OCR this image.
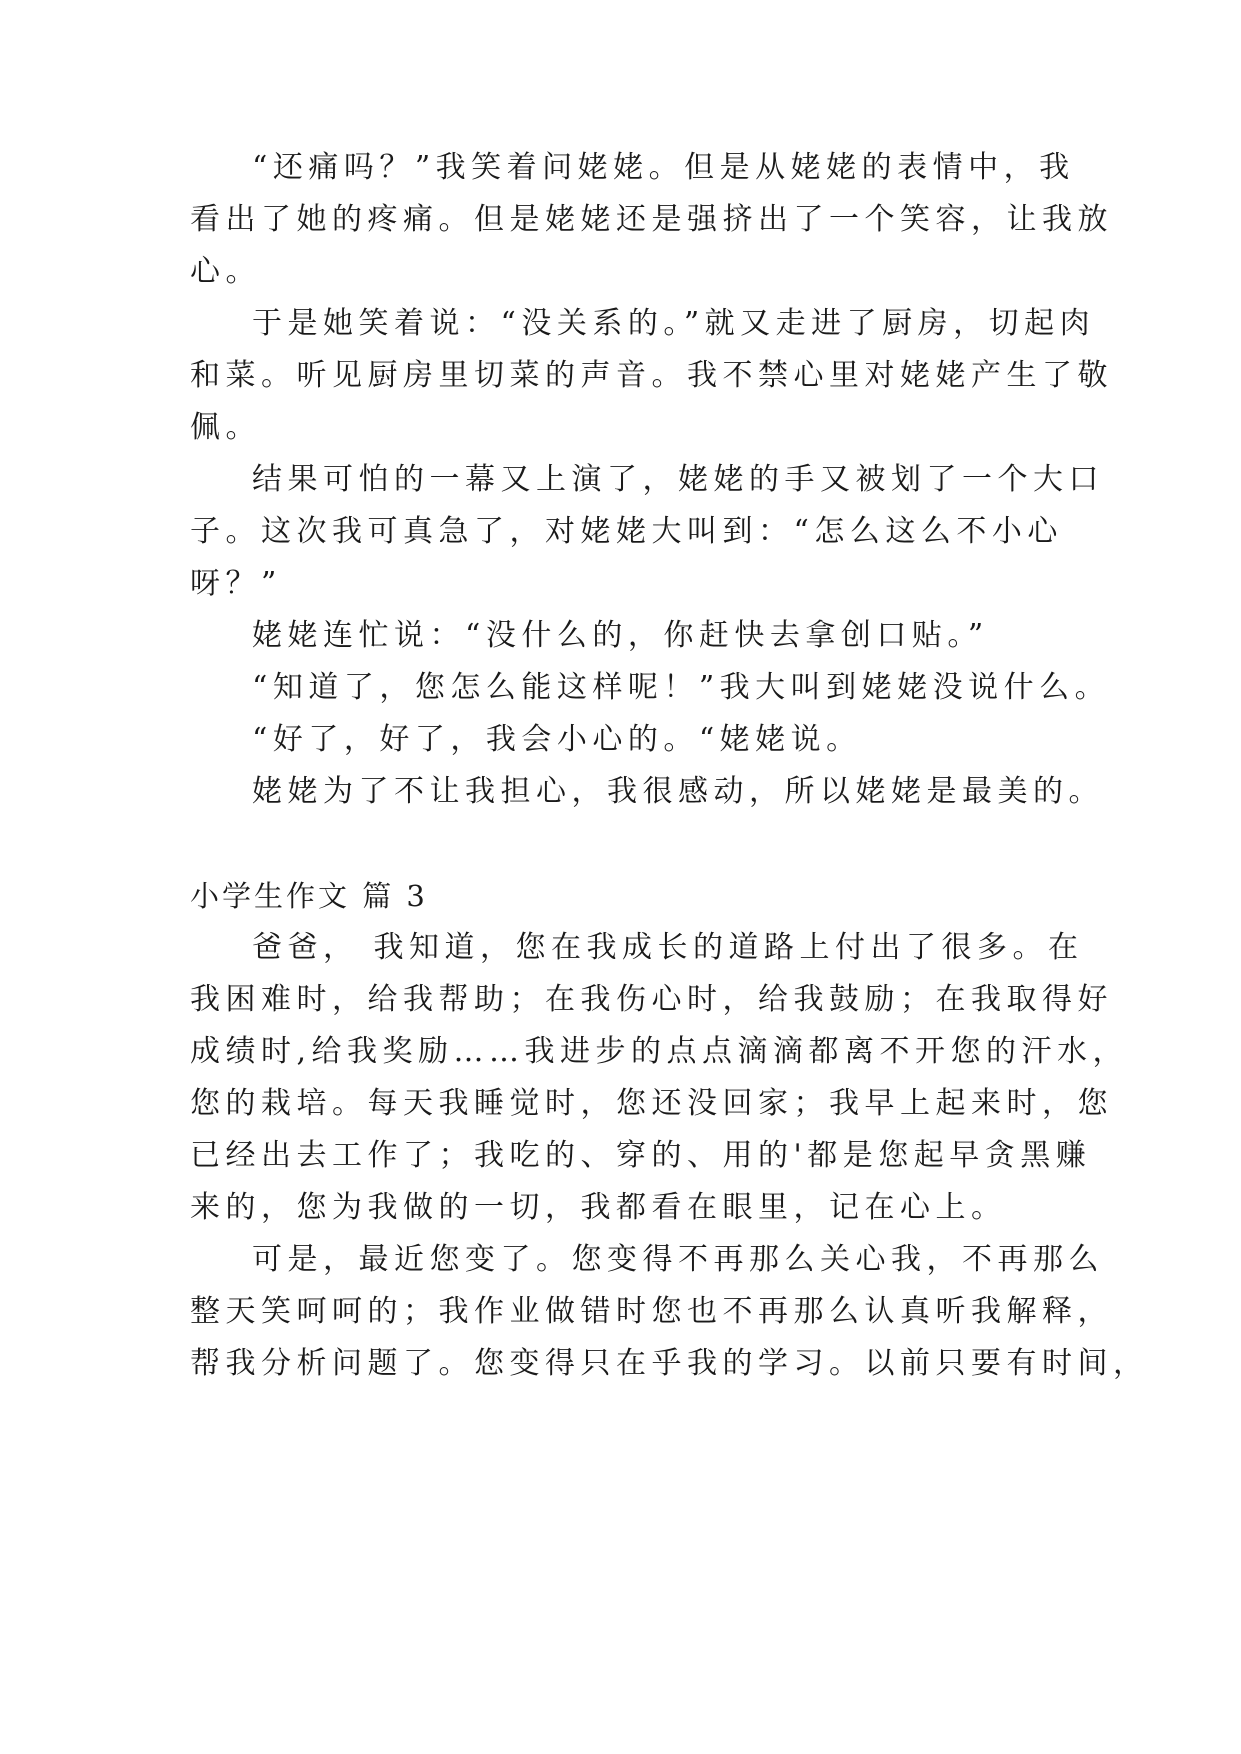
“还痛吗？”我笑着问姥姥。但是从姥姥的表情中，我
看出了她的疼痛。但是姥姥还是强挤出了一个笑容，让我放
心。
于是她笑着说：“没关系的。”就又走进了厨房，切起肉
和菜。听见厨房里切菜的声音。我不禁心里对姥姥产生了敬
佩。
结果可怕的一幕又上演了，姥姥的手又被划了一个大口
子。这次我可真急了，对姥姥大叫到：“怎么这么不小心
呀？”
姥姥连忙说：“没什么的，你赶快去拿创口贴。”
“知道了，您怎么能这样呢！”我大叫到姥姥没说什么。
“好了，好了，我会小心的。“姥姥说。
姥姥为了不让我担心，我很感动，所以姥姥是最美的。
小学生作文 篇 3
爸爸， 我知道，您在我成长的道路上付出了很多。在
我困难时，给我帮助；在我伤心时，给我鼓励；在我取得好
成绩时,给我奖励……我进步的点点滴滴都离不开您的汗水，
您的栽培。每天我睡觉时，您还没回家；我早上起来时，您
已经出去工作了；我吃的、穿的、用的'都是您起早贪黑赚
来的，您为我做的一切，我都看在眼里，记在心上。
可是，最近您变了。您变得不再那么关心我，不再那么
整天笑呵呵的；我作业做错时您也不再那么认真听我解释，
帮我分析问题了。您变得只在乎我的学习。以前只要有时间，
